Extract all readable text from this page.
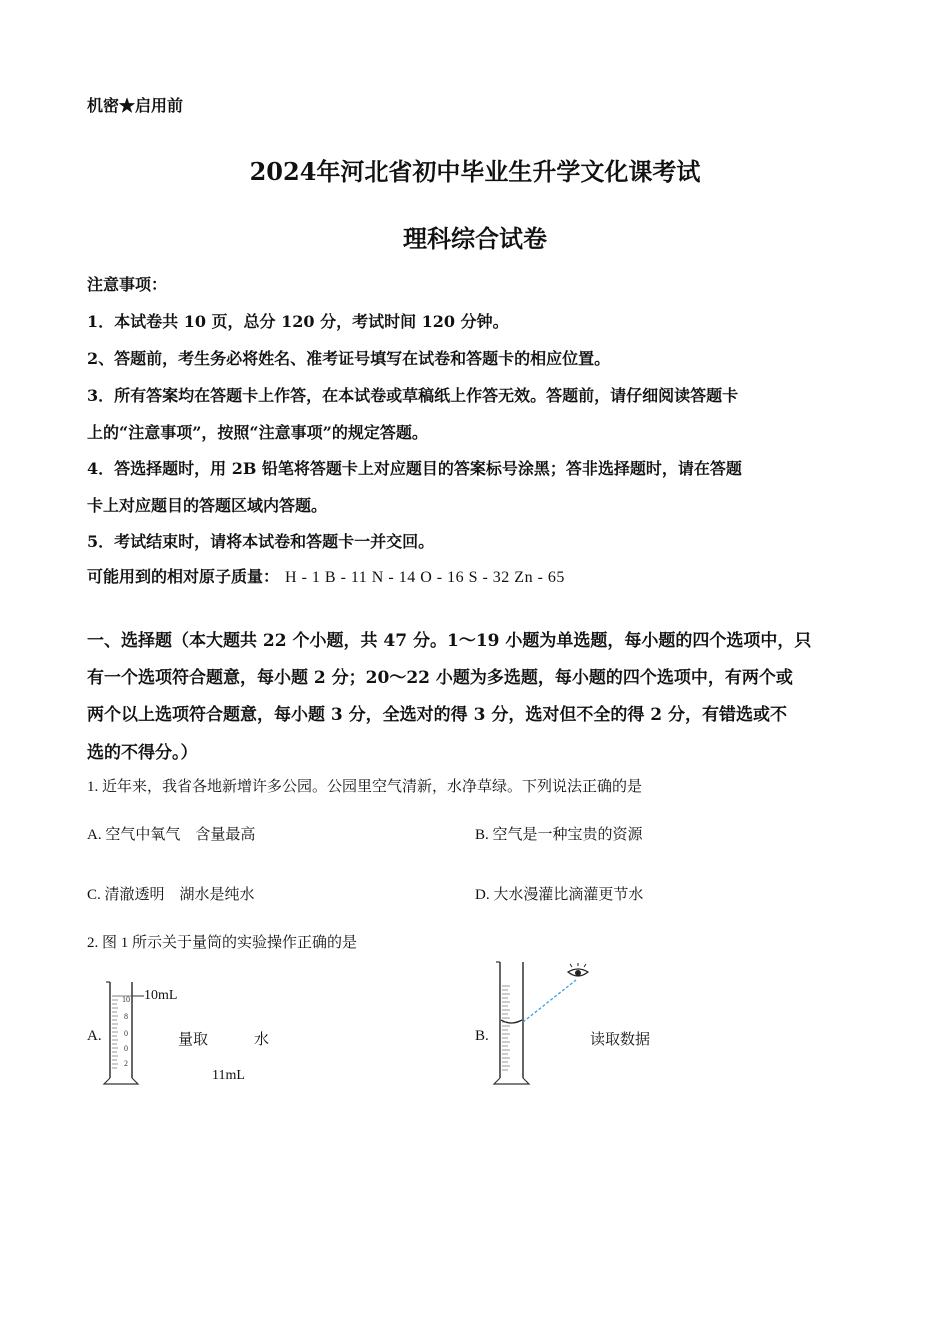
机密★启用前
2024年河北省初中毕业生升学文化课考试
理科综合试卷
注意事项：
1．本试卷共 10 页，总分 120 分，考试时间 120 分钟。
2、答题前，考生务必将姓名、准考证号填写在试卷和答题卡的相应位置。
3．所有答案均在答题卡上作答，在本试卷或草稿纸上作答无效。答题前，请仔细阅读答题卡
上的“注意事项”，按照“注意事项”的规定答题。
4．答选择题时，用 2B 铅笔将答题卡上对应题目的答案标号涂黑；答非选择题时，请在答题
卡上对应题目的答题区域内答题。
5．考试结束时，请将本试卷和答题卡一并交回。
可能用到的相对原子质量： H - 1 B - 11 N - 14 O - 16 S - 32 Zn - 65
一、选择题（本大题共 22 个小题，共 47 分。1～19 小题为单选题，每小题的四个选项中，只
有一个选项符合题意，每小题 2 分；20～22 小题为多选题，每小题的四个选项中，有两个或
两个以上选项符合题意，每小题 3 分，全选对的得 3 分，选对但不全的得 2 分，有错选或不
选的不得分。）
1. 近年来，我省各地新增许多公园。公园里空气清新，水净草绿。下列说法正确的是
A. 空气中氧气　含量最高	B. 空气是一种宝贵的资源
C. 清澈透明　湖水是纯水	D. 大水漫灌比滴灌更节水
2. 图 1 所示关于量筒的实验操作正确的是
A.
10
8
0
0
2
10mL
量取	水
11mL
B.	读取数据
